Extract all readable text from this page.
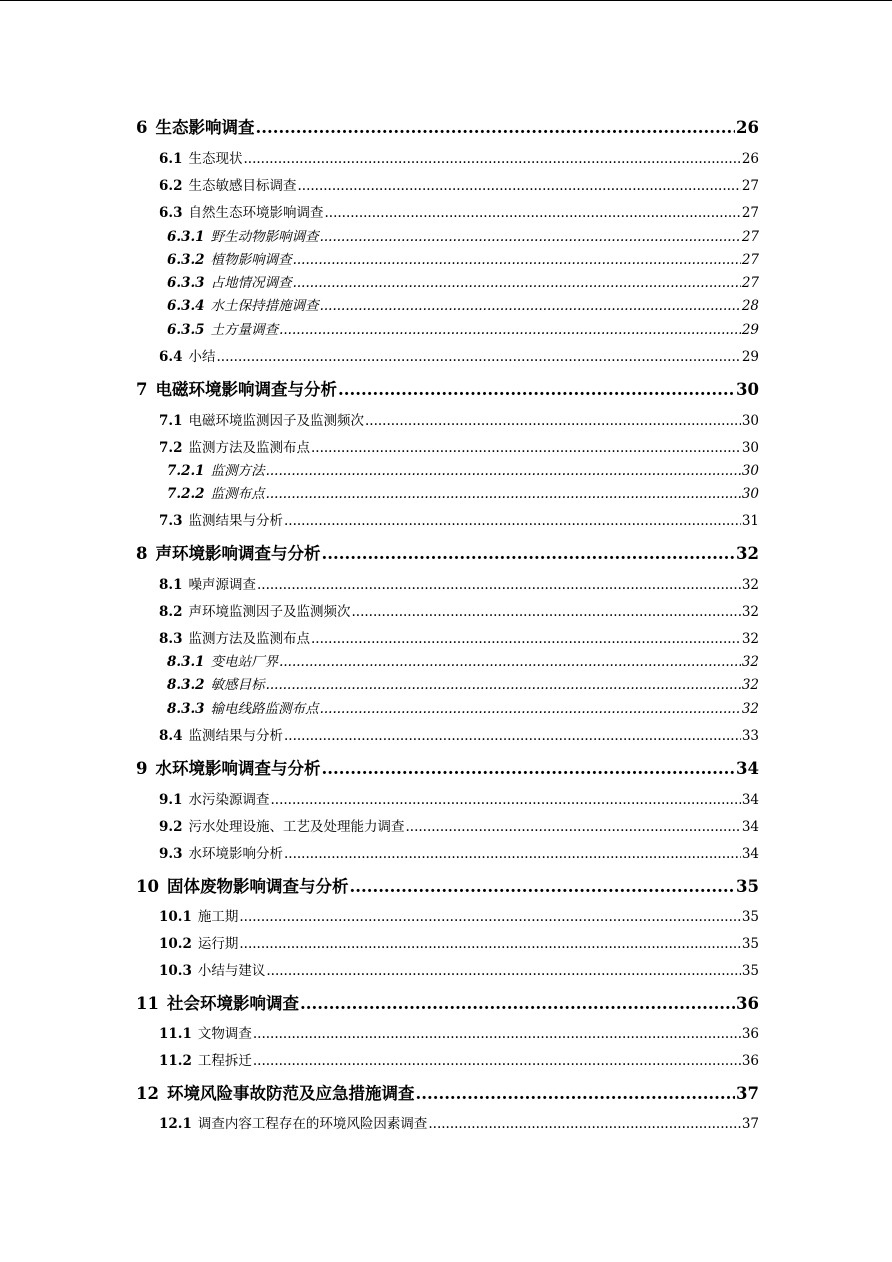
6 生态影响调查 .....	26
6.1 生态现状 .....	26
6.2 生态敏感目标调查 .....	27
6.3 自然生态环境影响调查 .....	27
6.3.1 野生动物影响调查 .....	27
6.3.2 植物影响调查 .....	27
6.3.3 占地情况调查 .....	27
6.3.4 水土保持措施调查 .....	28
6.3.5 土方量调查 .....	29
6.4 小结 .....	29
7 电磁环境影响调查与分析 .....	30
7.1 电磁环境监测因子及监测频次 .....	30
7.2 监测方法及监测布点 .....	30
7.2.1 监测方法 .....	30
7.2.2 监测布点 .....	30
7.3 监测结果与分析 .....	31
8 声环境影响调查与分析 .....	32
8.1 噪声源调查 .....	32
8.2 声环境监测因子及监测频次 .....	32
8.3 监测方法及监测布点 .....	32
8.3.1 变电站厂界 .....	32
8.3.2 敏感目标 .....	32
8.3.3 输电线路监测布点 .....	32
8.4 监测结果与分析 .....	33
9 水环境影响调查与分析 .....	34
9.1 水污染源调查 .....	34
9.2 污水处理设施、工艺及处理能力调查 .....	34
9.3 水环境影响分析 .....	34
10 固体废物影响调查与分析 .....	35
10.1 施工期 .....	35
10.2 运行期 .....	35
10.3 小结与建议 .....	35
11 社会环境影响调查 .....	36
11.1 文物调查 .....	36
11.2 工程拆迁 .....	36
12 环境风险事故防范及应急措施调查 .....	37
12.1 调查内容工程存在的环境风险因素调查 .....	37
